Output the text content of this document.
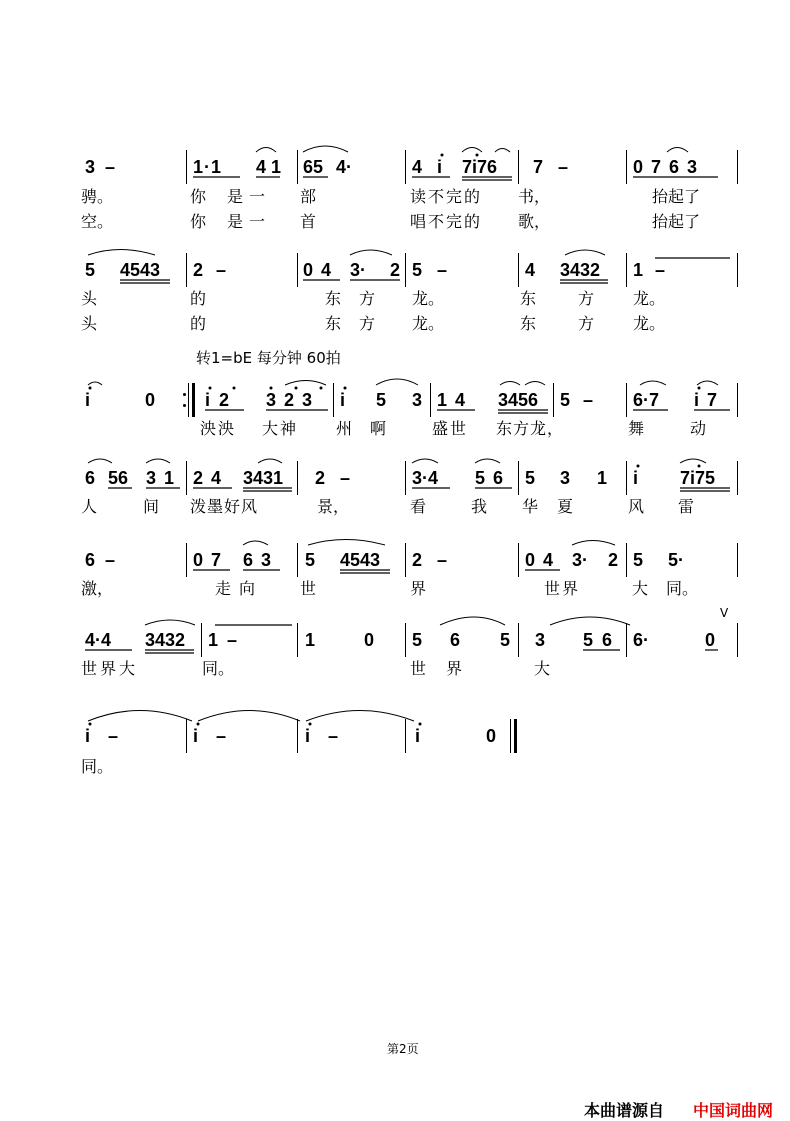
3 –	1·1 4 1 65 4·	4 i 7i76 7 –	0 7 6 3
骋。	你 是一 部	读不完的 书，	抬起了
空。	你 是一 首	唱不完的 歌，	抬起了
5 4543 2 –	0 4 3· 2 5 –	4 3432 1 –
头	的	东方 龙。	东	方 龙。
头	的	东方 龙。	东	方 龙。
转1=bE 每分钟 60拍
i	0	i 2 3 2 3 i 5 3 1 4 3456 5 – 6·7 i 7
泱泱 大神 州 啊	盛世 东方龙，	舞	动
6 56 3 1 2 4 3431 2 –	3·4 5 6 5 3 1 i 7i75
人	间 泼墨好风	景，	看	我 华 夏	风 雷
6 –	0 7 6 3 5 4543 2 –	0 4 3· 2 5 5·
激，	走向 世	界	世界	大 同。
V
4·4 3432 1 –	1	0 5 6 5 3 5 6 6·	0
世界大	同。	世 界	大
i –	i –	i –	i	0
同。
第2页
本曲谱源自 中国词曲网
